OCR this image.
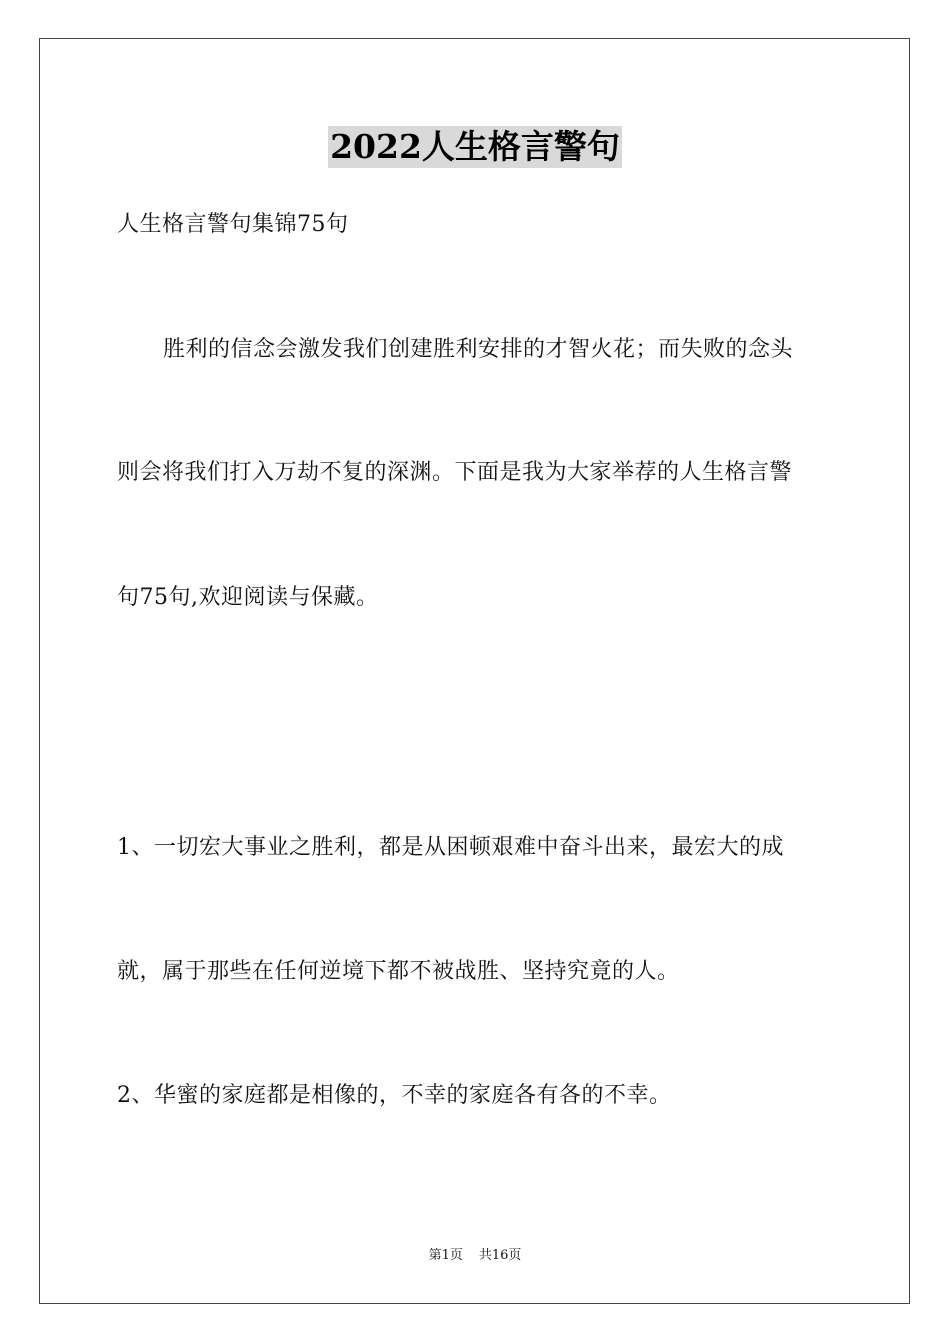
2022人生格言警句
人生格言警句集锦75句
胜利的信念会激发我们创建胜利安排的才智火花；而失败的念头
则会将我们打入万劫不复的深渊。下面是我为大家举荐的人生格言警
句75句,欢迎阅读与保藏。
1、一切宏大事业之胜利，都是从困顿艰难中奋斗出来，最宏大的成
就，属于那些在任何逆境下都不被战胜、坚持究竟的人。
2、华蜜的家庭都是相像的，不幸的家庭各有各的不幸。
第1页 共16页
